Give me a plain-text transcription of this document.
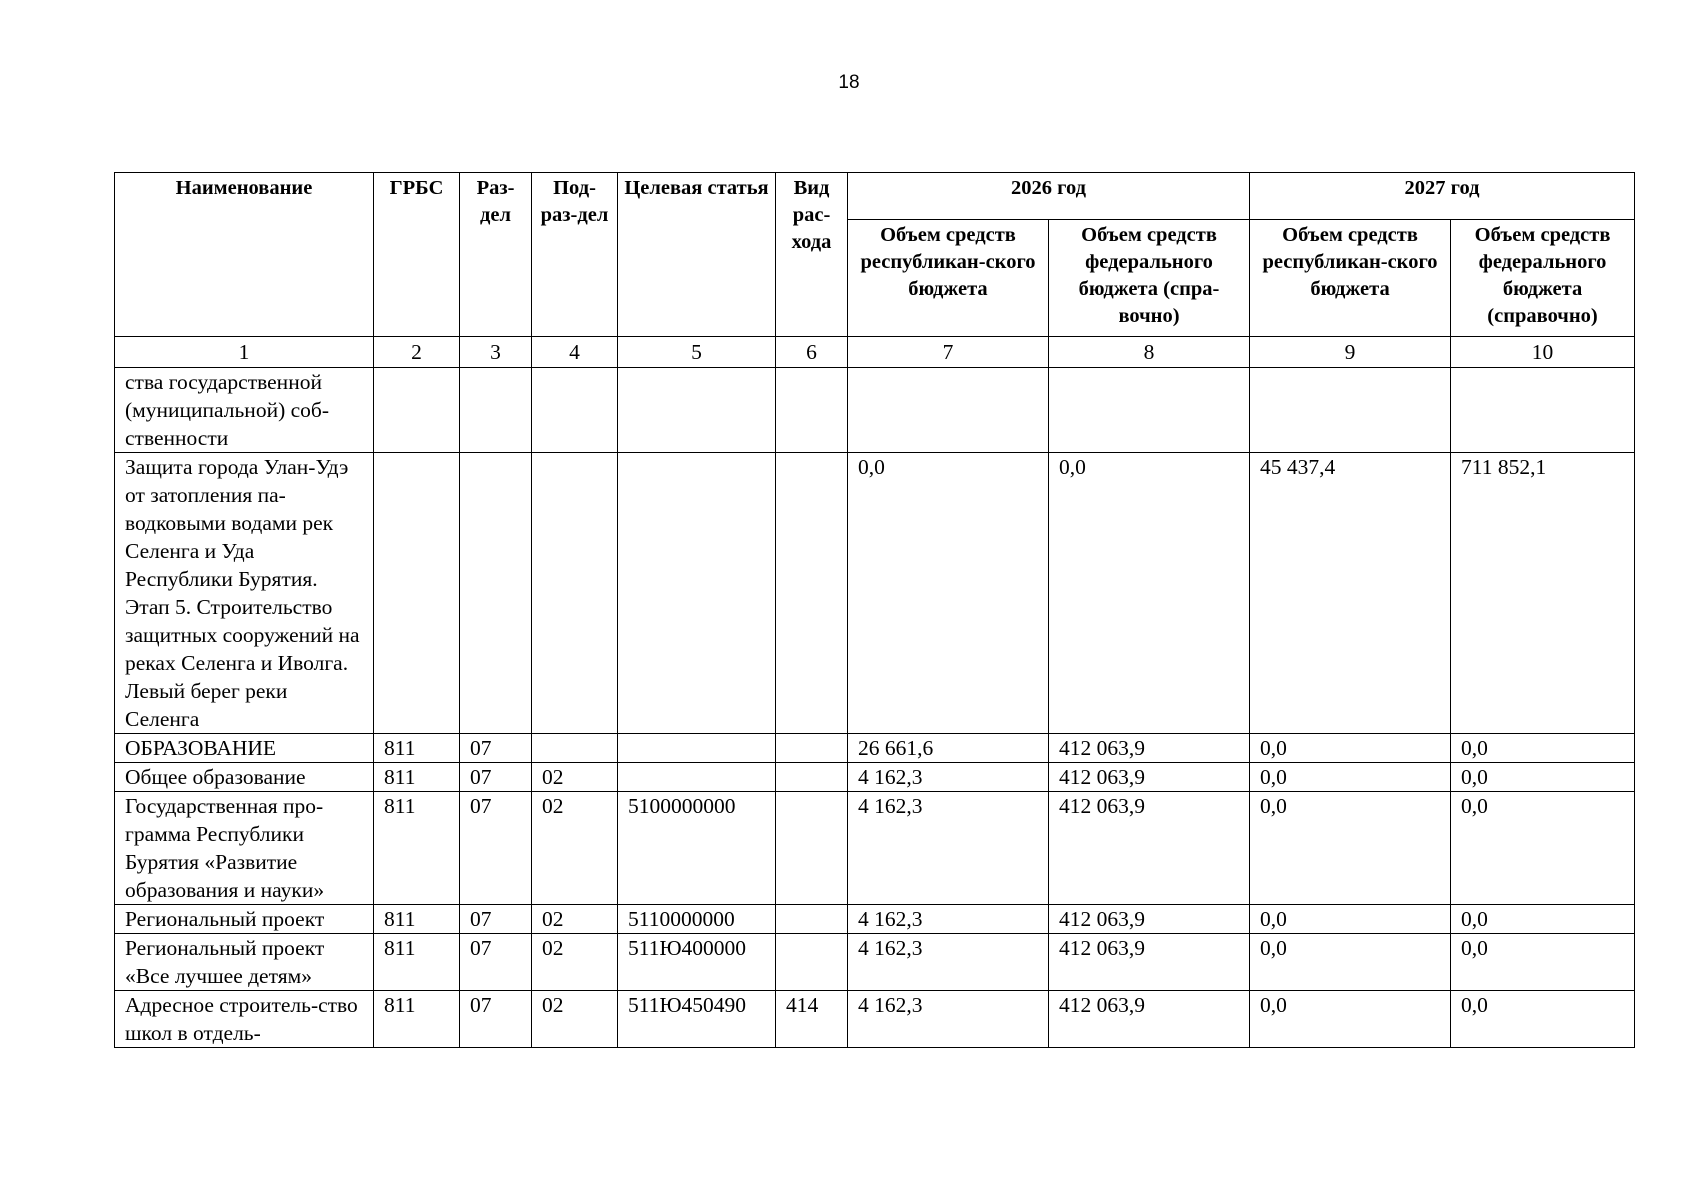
18
Наименование	ГРБС	Раз-дел	Под-раз-дел	Целевая статья	Вид рас-хода	2026 год		2027 год	
						Объем средств республикан-ского бюджета	Объем средств федерального бюджета (спра-вочно)	Объем средств республикан-ского бюджета	Объем средств федерального бюджета (справочно)
1	2	3	4	5	6	7	8	9	10
ства государственной (муниципальной) соб-ственности									
Защита города Улан-Удэ от затопления па-водковыми водами рек Селенга и Уда Республики Бурятия. Этап 5. Строительство защитных сооружений на реках Селенга и Иволга. Левый берег реки Селенга						0,0	0,0	45 437,4	711 852,1
ОБРАЗОВАНИЕ	811	07				26 661,6	412 063,9	0,0	0,0
Общее образование	811	07	02			4 162,3	412 063,9	0,0	0,0
Государственная про-грамма Республики Бурятия «Развитие образования и науки»	811	07	02	5100000000		4 162,3	412 063,9	0,0	0,0
Региональный проект	811	07	02	5110000000		4 162,3	412 063,9	0,0	0,0
Региональный проект «Все лучшее детям»	811	07	02	511Ю400000		4 162,3	412 063,9	0,0	0,0
Адресное строитель-ство школ в отдель-	811	07	02	511Ю450490	414	4 162,3	412 063,9	0,0	0,0
